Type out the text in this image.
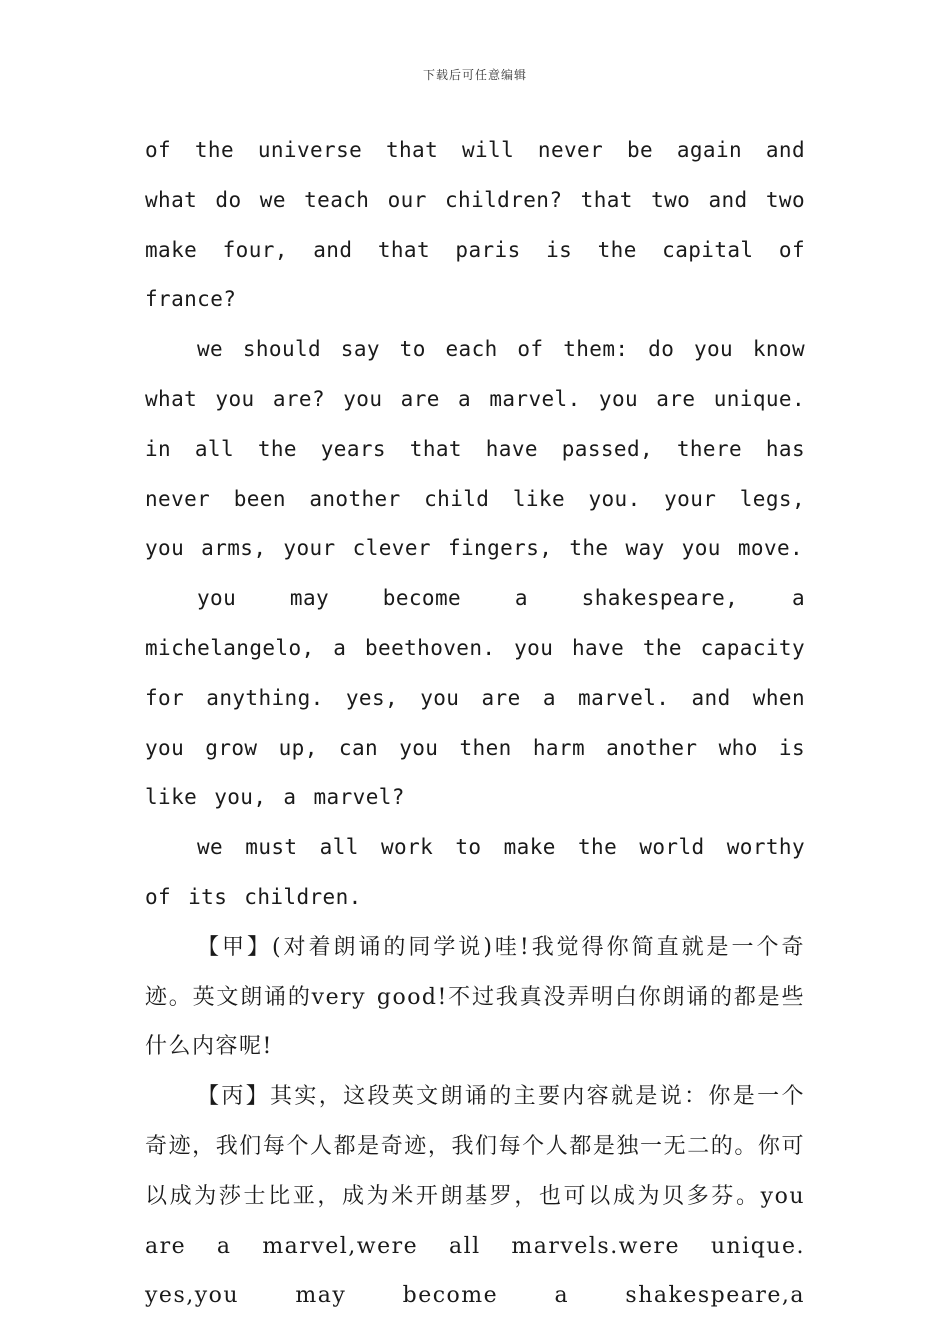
下载后可任意编辑

of the universe that will never be again and what do we teach our children? that two and two make four, and that paris is the capital of france?

we should say to each of them: do you know what you are? you are a marvel. you are unique. in all the years that have passed, there has never been another child like you. your legs, you arms, your clever fingers, the way you move.

you may become a shakespeare, a michelangelo, a beethoven. you have the capacity for anything. yes, you are a marvel. and when you grow up, can you then harm another who is like you, a marvel?

we must all work to make the world worthy of its children.

【甲】(对着朗诵的同学说)哇!我觉得你简直就是一个奇迹。英文朗诵的very good!不过我真没弄明白你朗诵的都是些什么内容呢!

【丙】其实，这段英文朗诵的主要内容就是说：你是一个奇迹，我们每个人都是奇迹，我们每个人都是独一无二的。你可以成为莎士比亚，成为米开朗基罗，也可以成为贝多芬。you are a marvel,were all marvels.were unique. yes,you may become a shakespeare,a
